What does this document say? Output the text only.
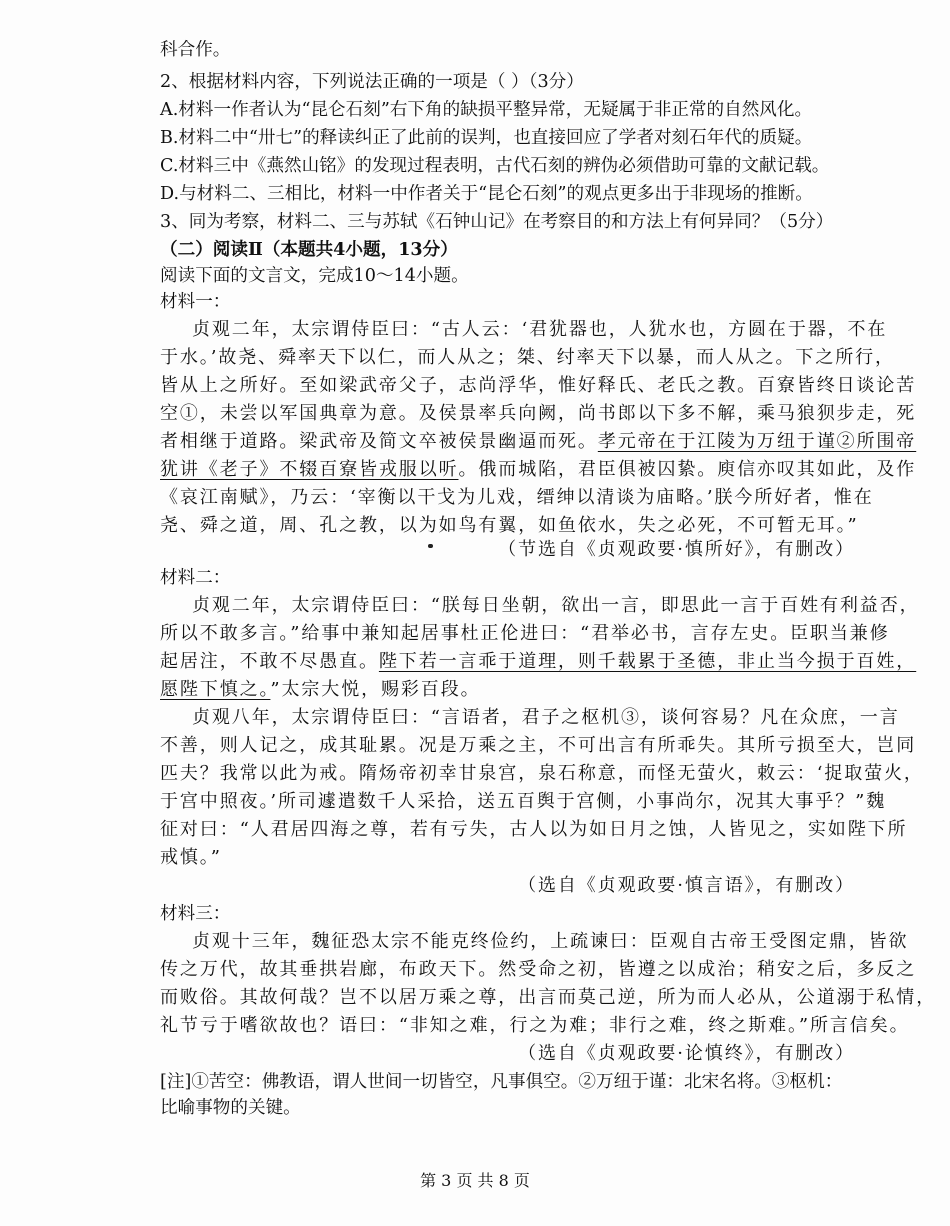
科合作。
2、根据材料内容，下列说法正确的一项是（ ）（3分）
A.材料一作者认为“昆仑石刻”右下角的缺损平整异常，无疑属于非正常的自然风化。
B.材料二中“卅七”的释读纠正了此前的误判，也直接回应了学者对刻石年代的质疑。
C.材料三中《燕然山铭》的发现过程表明，古代石刻的辨伪必须借助可靠的文献记载。
D.与材料二、三相比，材料一中作者关于“昆仑石刻”的观点更多出于非现场的推断。
3、同为考察，材料二、三与苏轼《石钟山记》在考察目的和方法上有何异同？（5分）
（二）阅读Ⅱ（本题共4小题，13分）
阅读下面的文言文，完成10～14小题。
材料一：
贞观二年，太宗谓侍臣曰：“古人云：‘君犹器也，人犹水也，方圆在于器，不在
于水。’故尧、舜率天下以仁，而人从之；桀、纣率天下以暴，而人从之。下之所行，
皆从上之所好。至如梁武帝父子，志尚浮华，惟好释氏、老氏之教。百寮皆终日谈论苦
空①，未尝以军国典章为意。及侯景率兵向阙，尚书郎以下多不解，乘马狼狈步走，死
者相继于道路。梁武帝及简文卒被侯景幽逼而死。孝元帝在于江陵为万纽于谨②所围帝
犹讲《老子》不辍百寮皆戎服以听。俄而城陷，君臣俱被囚絷。庾信亦叹其如此，及作
《哀江南赋》，乃云：‘宰衡以干戈为儿戏，缙绅以清谈为庙略。’朕今所好者，惟在
尧、舜之道，周、孔之教，以为如鸟有翼，如鱼依水，失之必死，不可暂无耳。”
（节选自《贞观政要·慎所好》，有删改）
材料二：
贞观二年，太宗谓侍臣曰：“朕每日坐朝，欲出一言，即思此一言于百姓有利益否，
所以不敢多言。”给事中兼知起居事杜正伦进曰：“君举必书，言存左史。臣职当兼修
起居注，不敢不尽愚直。陛下若一言乖于道理，则千载累于圣德，非止当今损于百姓，
愿陛下慎之。”太宗大悦，赐彩百段。
贞观八年，太宗谓侍臣曰：“言语者，君子之枢机③，谈何容易？凡在众庶，一言
不善，则人记之，成其耻累。况是万乘之主，不可出言有所乖失。其所亏损至大，岂同
匹夫？我常以此为戒。隋炀帝初幸甘泉宫，泉石称意，而怪无萤火，敕云：‘捉取萤火，
于宫中照夜。’所司遽遣数千人采拾，送五百舆于宫侧，小事尚尔，况其大事乎？”魏
征对曰：“人君居四海之尊，若有亏失，古人以为如日月之蚀，人皆见之，实如陛下所
戒慎。”
（选自《贞观政要·慎言语》，有删改）
材料三：
贞观十三年，魏征恐太宗不能克终俭约，上疏谏曰：臣观自古帝王受图定鼎，皆欲
传之万代，故其垂拱岩廊，布政天下。然受命之初，皆遵之以成治；稍安之后，多反之
而败俗。其故何哉？岂不以居万乘之尊，出言而莫己逆，所为而人必从，公道溺于私情，
礼节亏于嗜欲故也？语曰：“非知之难，行之为难；非行之难，终之斯难。”所言信矣。
（选自《贞观政要·论慎终》，有删改）
[注]①苦空：佛教语，谓人世间一切皆空，凡事俱空。②万纽于谨：北宋名将。③枢机：
比喻事物的关键。
第 3 页 共 8 页
